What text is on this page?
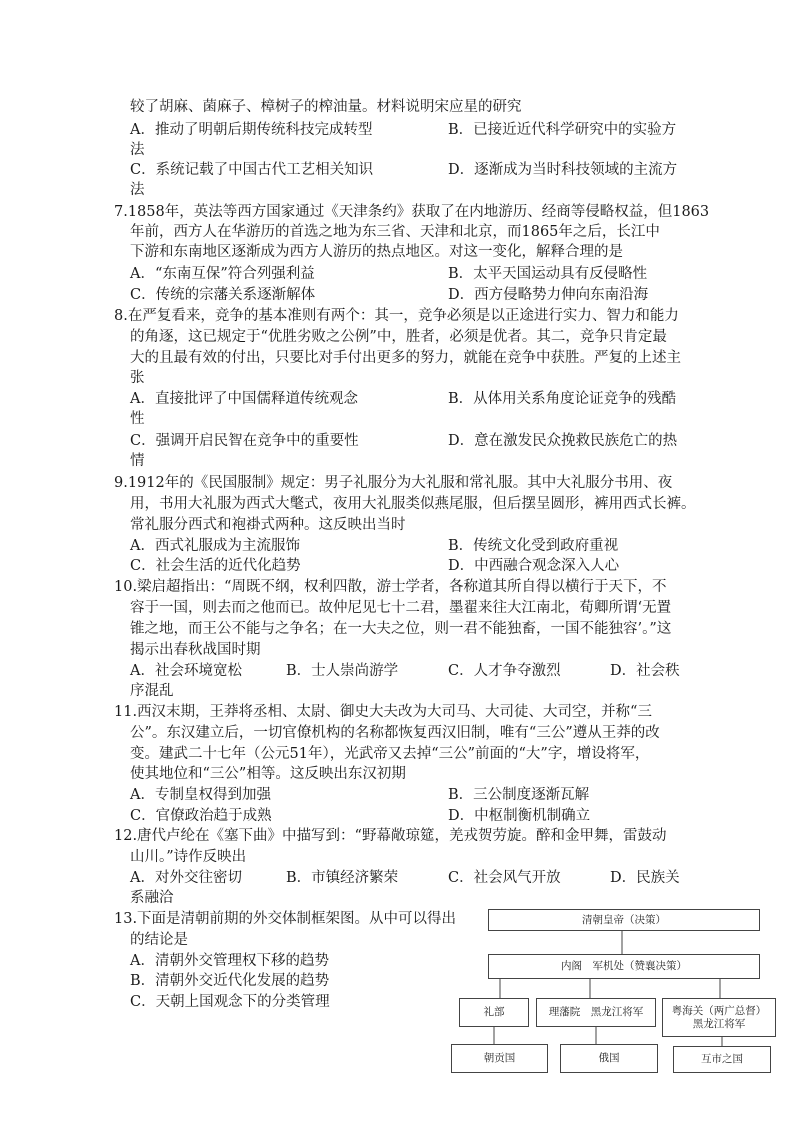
较了胡麻、菌麻子、樟树子的榨油量。材料说明宋应星的研究
A．推动了明朝后期传统科技完成转型	B．已接近近代科学研究中的实验方
法
C．系统记载了中国古代工艺相关知识	D．逐渐成为当时科技领域的主流方
法
7.1858年，英法等西方国家通过《天津条约》获取了在内地游历、经商等侵略权益，但1863
年前，西方人在华游历的首选之地为东三省、天津和北京，而1865年之后，长江中
下游和东南地区逐渐成为西方人游历的热点地区。对这一变化，解释合理的是
A．“东南互保”符合列强利益	B．太平天国运动具有反侵略性
C．传统的宗藩关系逐渐解体	D．西方侵略势力伸向东南沿海
8.在严复看来，竞争的基本准则有两个：其一，竞争必须是以正途进行实力、智力和能力
的角逐，这已规定于“优胜劣败之公例”中，胜者，必须是优者。其二，竞争只肯定最
大的且最有效的付出，只要比对手付出更多的努力，就能在竞争中获胜。严复的上述主
张
A．直接批评了中国儒释道传统观念	B．从体用关系角度论证竞争的残酷
性
C．强调开启民智在竞争中的重要性	D．意在激发民众挽救民族危亡的热
情
9.1912年的《民国服制》规定：男子礼服分为大礼服和常礼服。其中大礼服分书用、夜
用，书用大礼服为西式大氅式，夜用大礼服类似燕尾服，但后摆呈圆形，裤用西式长裤。
常礼服分西式和袍褂式两种。这反映出当时
A．西式礼服成为主流服饰	B．传统文化受到政府重视
C．社会生活的近代化趋势	D．中西融合观念深入人心
10.梁启超指出：“周既不纲，权利四散，游士学者，各称道其所自得以横行于天下，不
容于一国，则去而之他而已。故仲尼见七十二君，墨翟来往大江南北，荀卿所谓‘无置
锥之地，而王公不能与之争名；在一大夫之位，则一君不能独畜，一国不能独容’。”这
揭示出春秋战国时期
A．社会环境宽松	B．士人崇尚游学	C．人才争夺激烈	D．社会秩
序混乱
11.西汉末期，王莽将丞相、太尉、御史大夫改为大司马、大司徒、大司空，并称“三
公”。东汉建立后，一切官僚机构的名称都恢复西汉旧制，唯有“三公”遵从王莽的改
变。建武二十七年（公元51年），光武帝又去掉“三公”前面的“大”字，增设将军，
使其地位和“三公”相等。这反映出东汉初期
A．专制皇权得到加强	B．三公制度逐渐瓦解
C．官僚政治趋于成熟	D．中枢制衡机制确立
12.唐代卢纶在《塞下曲》中描写到：“野幕敞琼筵，羌戎贺劳旋。醉和金甲舞，雷鼓动
山川。”诗作反映出
A．对外交往密切	B．市镇经济繁荣	C．社会风气开放	D．民族关
系融洽
13.下面是清朝前期的外交体制框架图。从中可以得出
的结论是
A．清朝外交管理权下移的趋势
B．清朝外交近代化发展的趋势
C．天朝上国观念下的分类管理
清朝皇帝（决策）
内阁　军机处（赞襄决策）
礼部	理藩院　黑龙江将军	粤海关（两广总督）
黑龙江将军
朝贡国	俄国	互市之国
